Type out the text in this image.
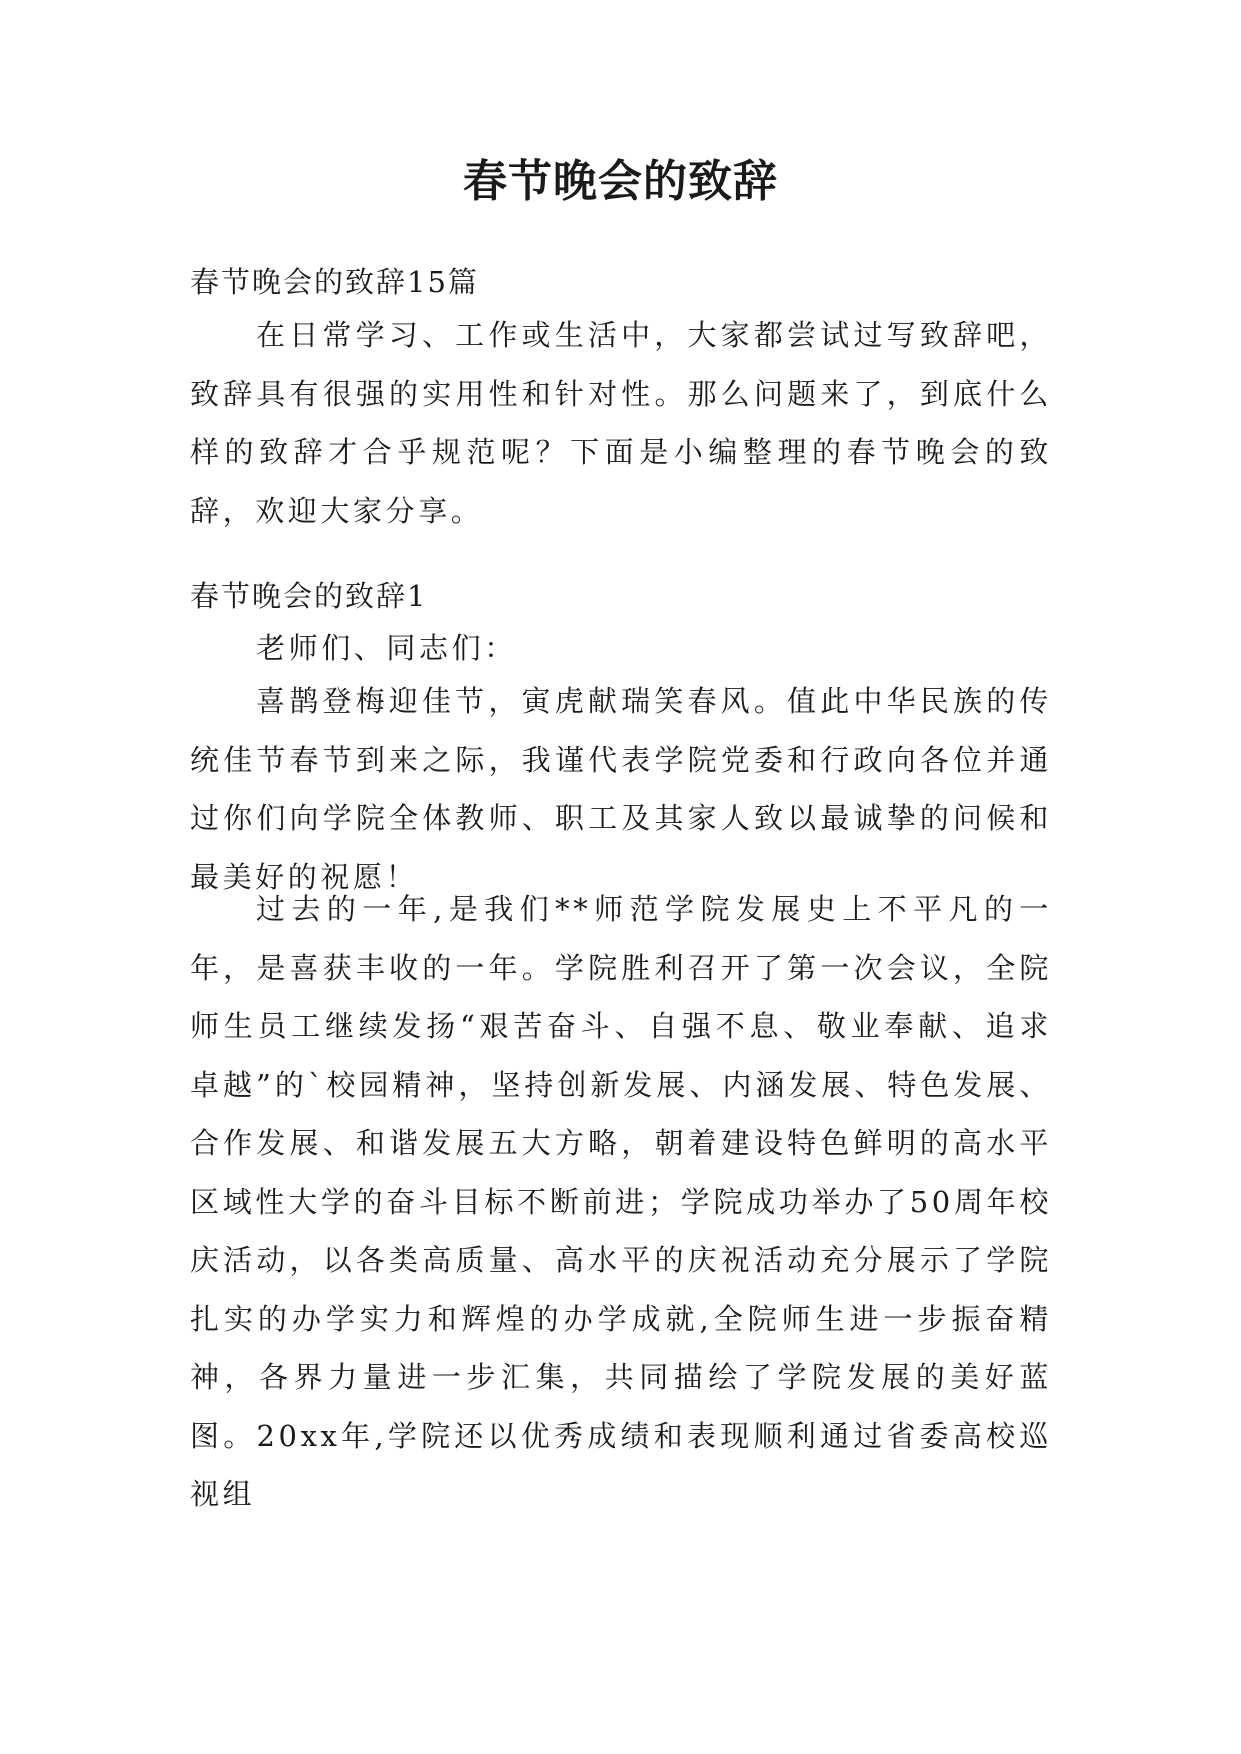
春节晚会的致辞

春节晚会的致辞15篇

在日常学习、工作或生活中，大家都尝试过写致辞吧，致辞具有很强的实用性和针对性。那么问题来了，到底什么样的致辞才合乎规范呢？下面是小编整理的春节晚会的致辞，欢迎大家分享。

春节晚会的致辞1

老师们、同志们：

喜鹊登梅迎佳节，寅虎献瑞笑春风。值此中华民族的传统佳节春节到来之际，我谨代表学院党委和行政向各位并通过你们向学院全体教师、职工及其家人致以最诚挚的问候和最美好的祝愿！

过去的一年,是我们**师范学院发展史上不平凡的一年，是喜获丰收的一年。学院胜利召开了第一次会议，全院师生员工继续发扬“艰苦奋斗、自强不息、敬业奉献、追求卓越”的`校园精神，坚持创新发展、内涵发展、特色发展、合作发展、和谐发展五大方略，朝着建设特色鲜明的高水平区域性大学的奋斗目标不断前进；学院成功举办了50周年校庆活动，以各类高质量、高水平的庆祝活动充分展示了学院扎实的办学实力和辉煌的办学成就,全院师生进一步振奋精神，各界力量进一步汇集，共同描绘了学院发展的美好蓝图。20xx年,学院还以优秀成绩和表现顺利通过省委高校巡视组
